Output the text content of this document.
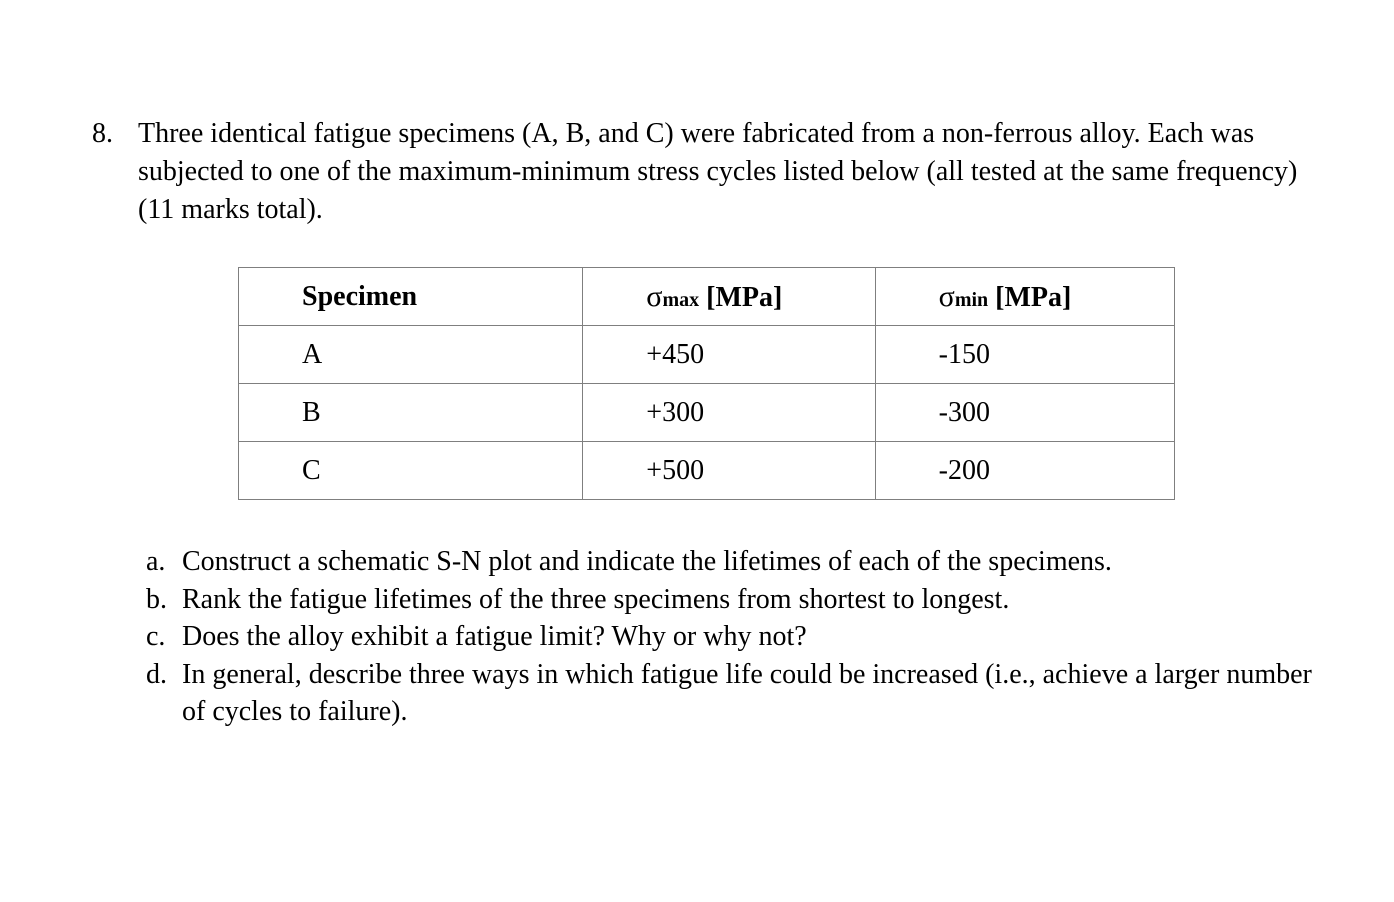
8. Three identical fatigue specimens (A, B, and C) were fabricated from a non-ferrous alloy. Each was subjected to one of the maximum-minimum stress cycles listed below (all tested at the same frequency) (11 marks total).
Specimen	σmax [MPa]	σmin [MPa]
A	+450	-150
B	+300	-300
C	+500	-200
a. Construct a schematic S-N plot and indicate the lifetimes of each of the specimens.
b. Rank the fatigue lifetimes of the three specimens from shortest to longest.
c. Does the alloy exhibit a fatigue limit? Why or why not?
d. In general, describe three ways in which fatigue life could be increased (i.e., achieve a larger number of cycles to failure).
